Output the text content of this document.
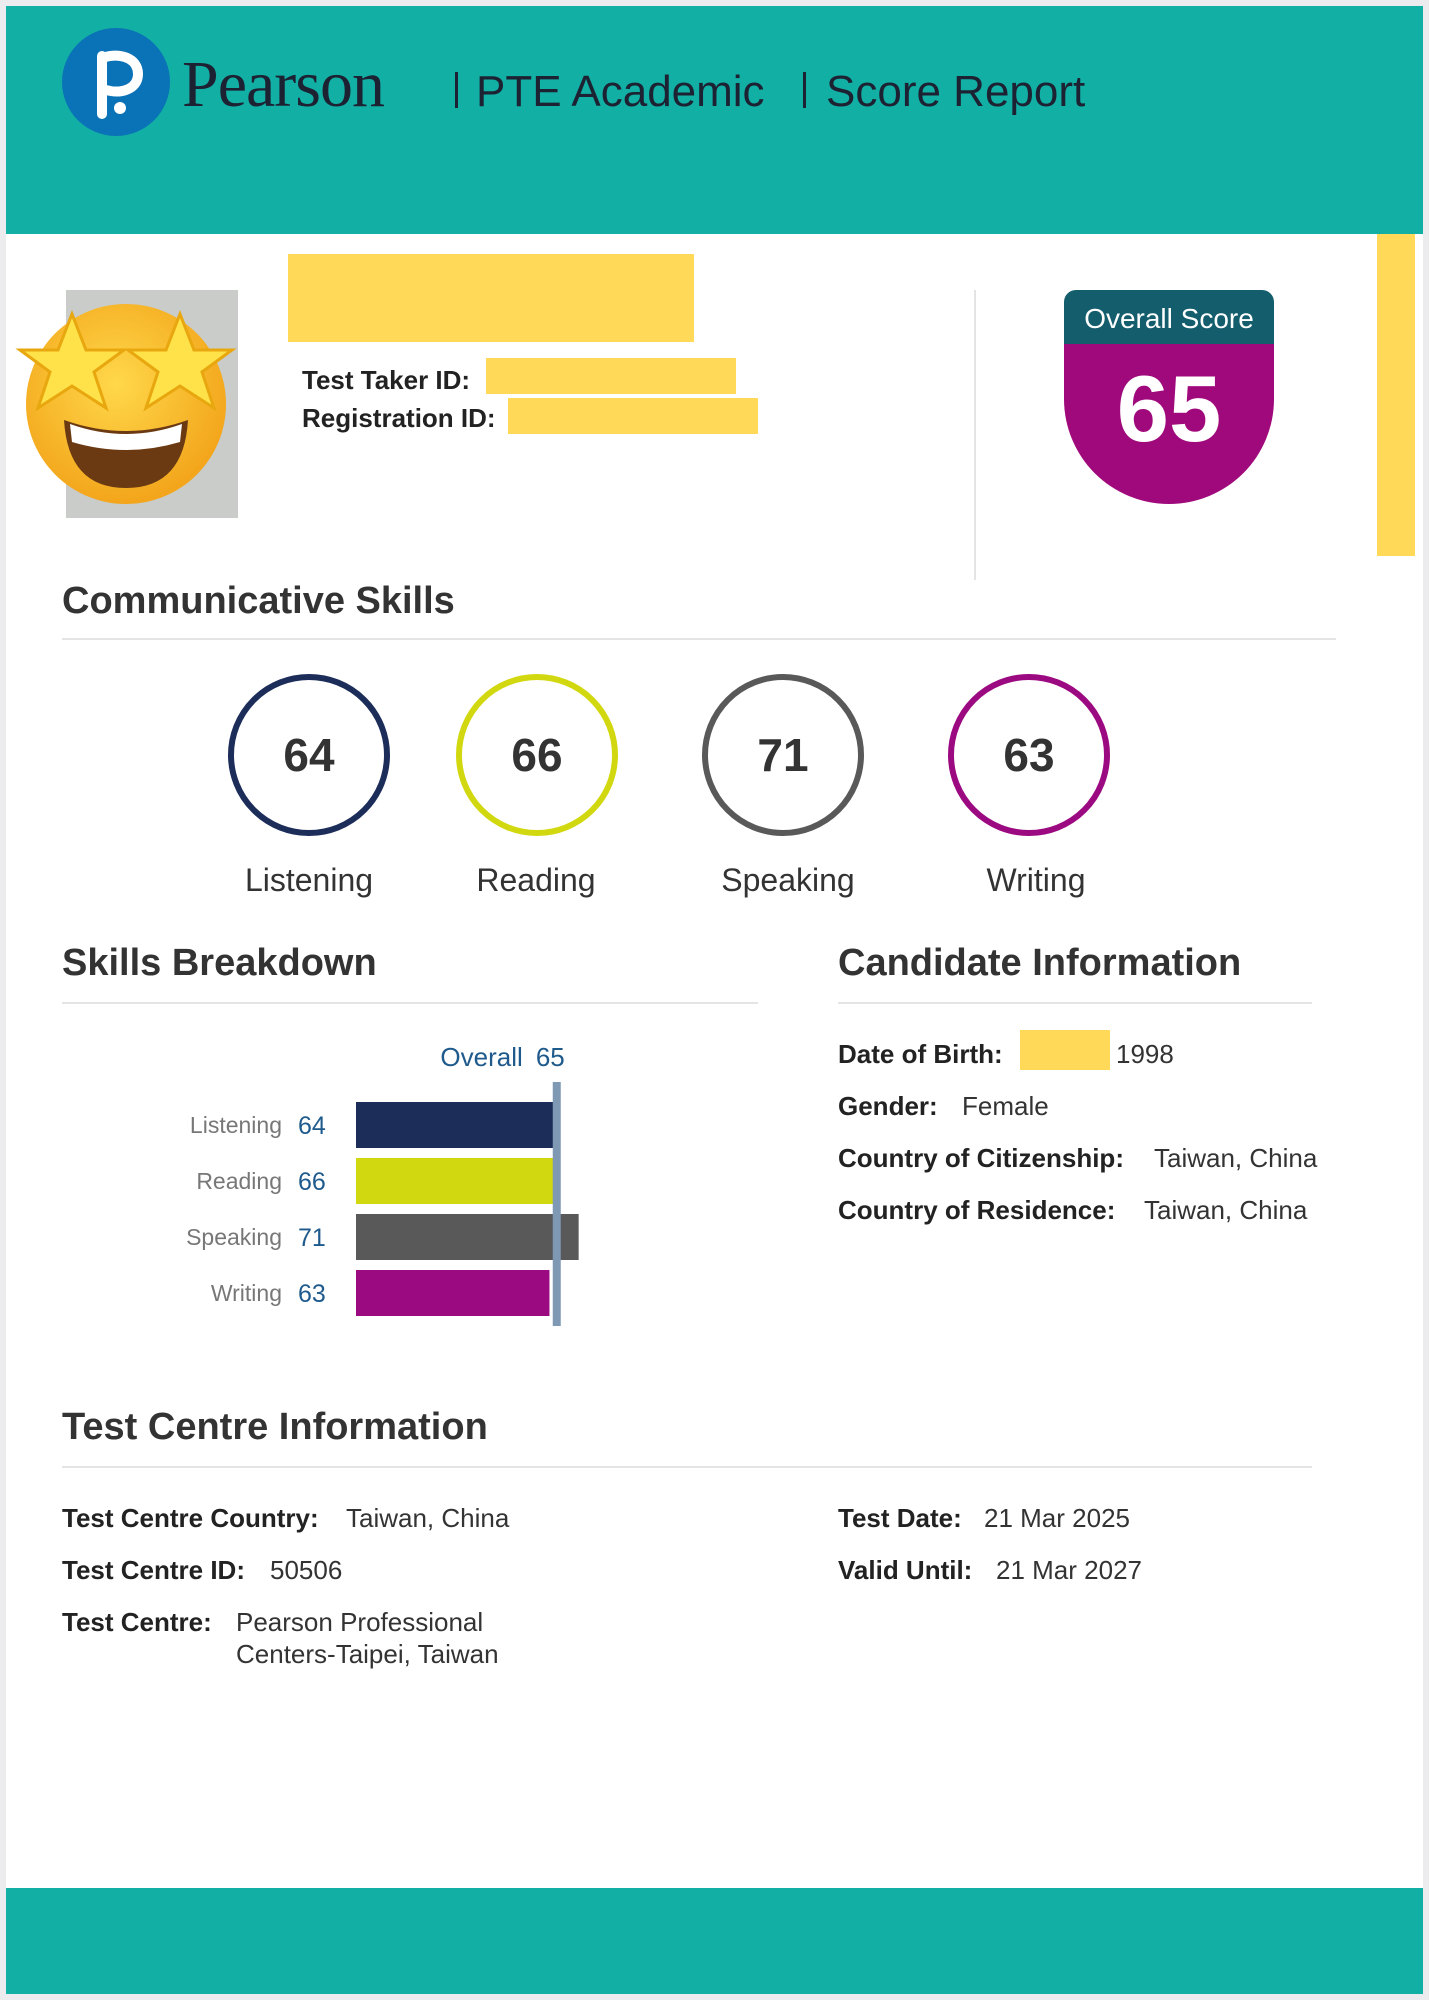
Pearson PTE Academic Score Report
Test Taker ID:
Registration ID:
Overall Score
65
Communicative Skills
64
Listening
66
Reading
71
Speaking
63
Writing
Skills Breakdown
Listening 64
Reading 66
Speaking 71
Writing 63
Overall 65
Candidate Information
Date of Birth:	1998
Gender: Female
Country of Citizenship: Taiwan, China
Country of Residence: Taiwan, China
Test Centre Information
Test Centre Country: Taiwan, China
Test Centre ID: 50506
Test Centre: Pearson Professional
Centers-Taipei, Taiwan
Test Date: 21 Mar 2025
Valid Until: 21 Mar 2027
